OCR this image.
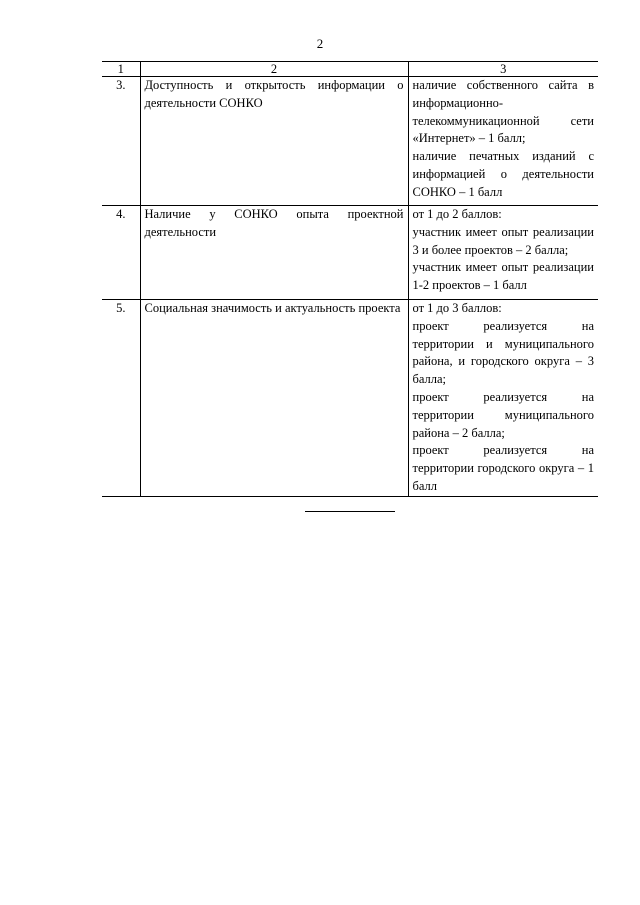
2
1	2	3
3.	Доступность и открытость информации о деятельности СОНКО	наличие собственного сайта в информационно-телекоммуникационной сети «Интернет» – 1 балл;
наличие печатных изданий с информацией о деятельности СОНКО – 1 балл

4.	Наличие у СОНКО опыта проектной деятельности	от 1 до 2 баллов:
участник имеет опыт реализации 3 и более проектов – 2 балла;
участник имеет опыт реализации 1-2 проектов – 1 балл

5.	Социальная значимость и актуальность проекта	от 1 до 3 баллов:
проект реализуется на территории и муниципального района, и городского округа – 3 балла;
проект реализуется на территории муниципального района – 2 балла;
проект реализуется на территории городского округа – 1 балл
